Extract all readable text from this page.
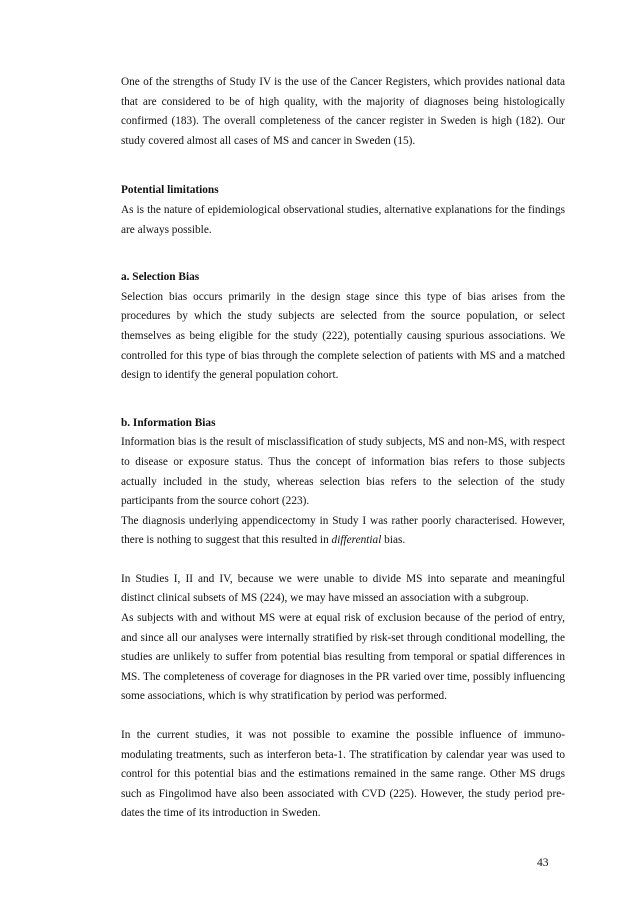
One of the strengths of Study IV is the use of the Cancer Registers, which provides national data that are considered to be of high quality, with the majority of diagnoses being histologically confirmed (183). The overall completeness of the cancer register in Sweden is high (182). Our study covered almost all cases of MS and cancer in Sweden (15).

Potential limitations

As is the nature of epidemiological observational studies, alternative explanations for the findings are always possible.

a. Selection Bias

Selection bias occurs primarily in the design stage since this type of bias arises from the procedures by which the study subjects are selected from the source population, or select themselves as being eligible for the study (222), potentially causing spurious associations. We controlled for this type of bias through the complete selection of patients with MS and a matched design to identify the general population cohort.

b. Information Bias

Information bias is the result of misclassification of study subjects, MS and non-MS, with respect to disease or exposure status. Thus the concept of information bias refers to those subjects actually included in the study, whereas selection bias refers to the selection of the study participants from the source cohort (223).

The diagnosis underlying appendicectomy in Study I was rather poorly characterised. However, there is nothing to suggest that this resulted in differential bias.

In Studies I, II and IV, because we were unable to divide MS into separate and meaningful distinct clinical subsets of MS (224), we may have missed an association with a subgroup.

As subjects with and without MS were at equal risk of exclusion because of the period of entry, and since all our analyses were internally stratified by risk-set through conditional modelling, the studies are unlikely to suffer from potential bias resulting from temporal or spatial differences in MS. The completeness of coverage for diagnoses in the PR varied over time, possibly influencing some associations, which is why stratification by period was performed.

In the current studies, it was not possible to examine the possible influence of immuno-modulating treatments, such as interferon beta-1. The stratification by calendar year was used to control for this potential bias and the estimations remained in the same range. Other MS drugs such as Fingolimod have also been associated with CVD (225). However, the study period pre-dates the time of its introduction in Sweden.

43
